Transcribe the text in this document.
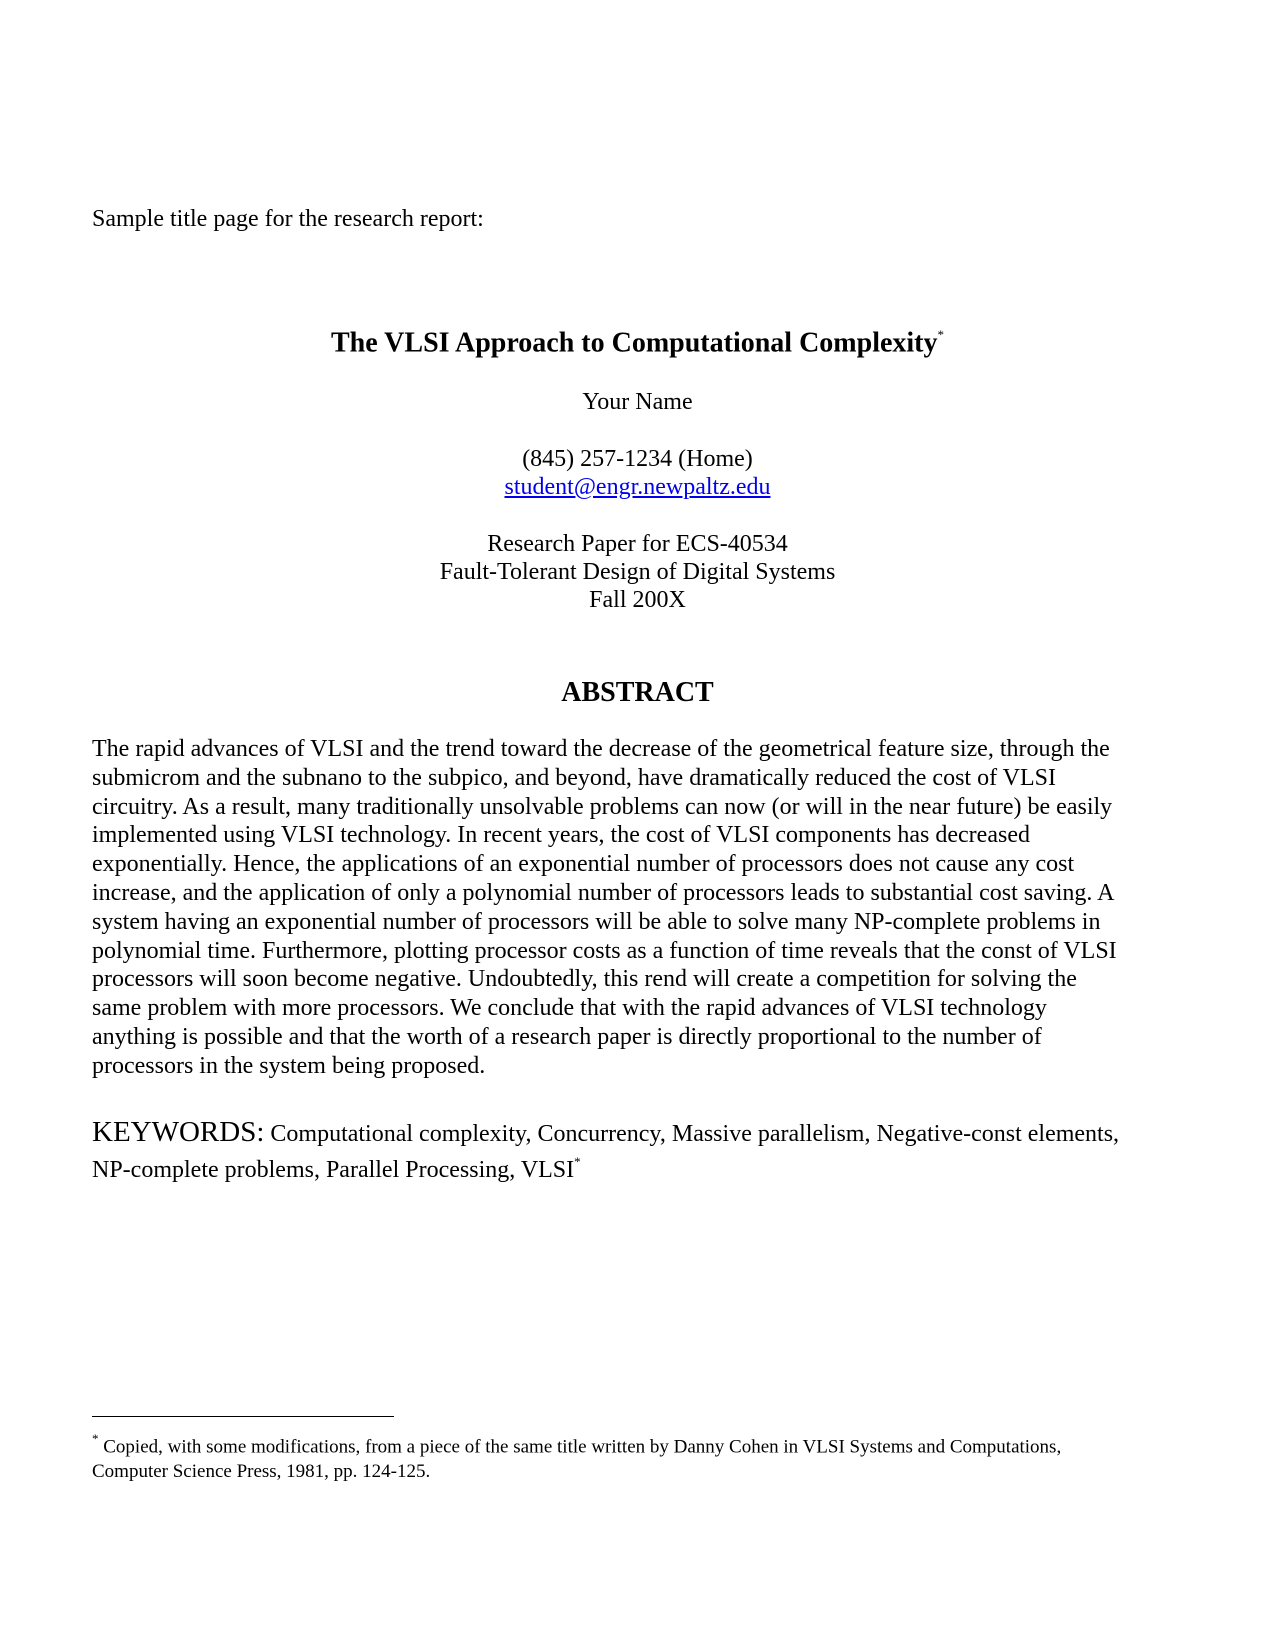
Sample title page for the research report:
The VLSI Approach to Computational Complexity*
Your Name
(845) 257-1234 (Home)
student@engr.newpaltz.edu
Research Paper for ECS-40534
Fault-Tolerant Design of Digital Systems
Fall 200X
ABSTRACT
The rapid advances of VLSI and the trend toward the decrease of the geometrical feature size, through the
submicrom and the subnano to the subpico, and beyond, have dramatically reduced the cost of VLSI
circuitry. As a result, many traditionally unsolvable problems can now (or will in the near future) be easily
implemented using VLSI technology. In recent years, the cost of VLSI components has decreased
exponentially. Hence, the applications of an exponential number of processors does not cause any cost
increase, and the application of only a polynomial number of processors leads to substantial cost saving. A
system having an exponential number of processors will be able to solve many NP-complete problems in
polynomial time. Furthermore, plotting processor costs as a function of time reveals that the const of VLSI
processors will soon become negative. Undoubtedly, this rend will create a competition for solving the
same problem with more processors. We conclude that with the rapid advances of VLSI technology
anything is possible and that the worth of a research paper is directly proportional to the number of
processors in the system being proposed.
KEYWORDS: Computational complexity, Concurrency, Massive parallelism, Negative-const elements,
NP-complete problems, Parallel Processing, VLSI*
* Copied, with some modifications, from a piece of the same title written by Danny Cohen in VLSI Systems and Computations,
Computer Science Press, 1981, pp. 124-125.
